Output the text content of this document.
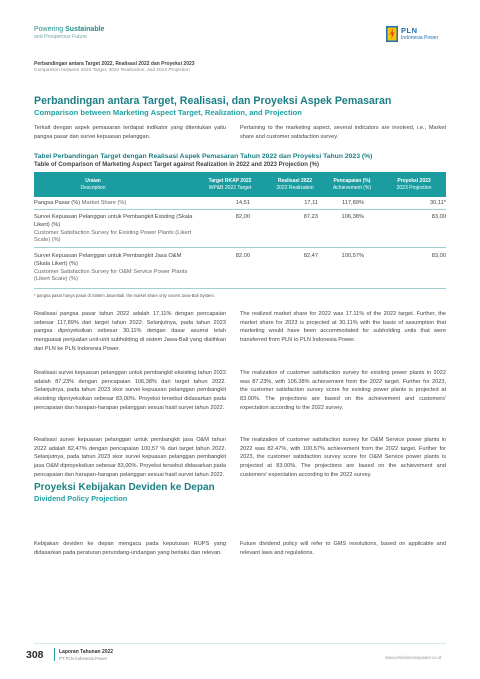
Powering Sustainable
and Prosperous Future
PLN
Indonesia Power
Perbandingan antara Target 2022, Realisasi 2022 dan Proyeksi 2023
Comparison between 2022 Target, 2022 Realization, and 2023 Projection
Perbandingan antara Target, Realisasi, dan Proyeksi Aspek Pemasaran
Comparison between Marketing Aspect Target, Realization, and Projection
Terkait dengan aspek pemasaran terdapat indikator yang ditentukan yaitu pangsa pasar dan survei kepuasan pelanggan.
Pertaining to the marketing aspect, several indicators are involved, i.e., Market share and customer satisfaction survey.
Tabel Perbandingan Target dengan Realisasi Aspek Pemasaran Tahun 2022 dan Proyeksi Tahun 2023 (%)
Table of Comparison of Marketing Aspect Target against Realization in 2022 and 2023 Projection (%)
Uraian
Description
Target RKAP 2022
WP&B 2022 Target
Realisasi 2022
2022 Realization
Pencapaian (%)
Achievement (%)
Proyeksi 2023
2023 Projection
Pangsa Pasar (%) Market Share (%)	14,51	17,11	117,89%	30,11*
Survei Kepuasan Pelanggan untuk Pembangkit Existing (Skala Likert) (%)
Customer Satisfaction Survey for Existing Power Plants (Likert Scale) (%)
82,00	87,23	106,38%	83,00
Survei Kepuasan Pelanggan untuk Pembangkit Jasa O&M (Skala Likert) (%)
Customer Satisfaction Survey for O&M Service Power Plants (Likert Scale) (%)
82,00	82,47	100,57%	83,00
* pangsa pasar hanya pasar di Sistem Jawa-Bali. the market share only covers Java-Bali System.
Realisasi pangsa pasar tahun 2022 adalah 17,11% dengan pencapaian sebesar 117,89% dari target tahun 2022. Selanjutnya, pada tahun 2023 pangsa diproyeksikan sebesar 30,11% dengan dasar asumsi telah menguasai penjualan unit-unit subholding di sistem Jawa-Bali yang dialihkan dari PLN ke PLN Indonesia Power.
The realized market share for 2022 was 17.11% of the 2022 target. Further, the market share for 2023 is projected at 30.11% with the basis of assumption that marketing would have been accommodated for subholding units that were transferred from PLN to PLN Indonesia Power.
Realisasi survei kepuasan pelanggan untuk pembangkit eksisting tahun 2022 adalah 87,23% dengan pencapaian 106,38% dari target tahun 2022. Selanjutnya, pada tahun 2023 skor survei kepuasan pelanggan pembangkit eksisting diproyeksikan sebesar 83,00%. Proyeksi tersebut didasarkan pada pencapaian dan harapan-harapan pelanggan sesuai hasil survei tahun 2022.
The realization of customer satisfaction survey for existing power plants in 2022 was 87.23%, with 106.38% achievement from the 2022 target. Further for 2023, the customer satisfaction survey score for existing power plants is projected at 83.00%. The projections are based on the achievement and customers' expectation according to the 2022 survey.
Realisasi survei kepuasan pelanggan untuk pembangkit jasa O&M tahun 2022 adalah 82,47% dengan pencapaian 100,57 % dari target tahun 2022. Selanjutnya, pada tahun 2023 skor survei kepuasan pelanggan pembangkit jasa O&M diproyeksikan sebesar 83,00%. Proyeksi tersebut didasarkan pada pencapaian dan harapan-harapan pelanggan sesuai hasil survei tahun 2022.
The realization of customer satisfaction survey for O&M Service power plants in 2022 was 82.47%, with 100.57% achievement from the 2022 target. Further for 2023, the customer satisfaction survey score for O&M Service power plants is projected at 83.00%. The projections are based on the achievement and customers' expectation according to the 2022 survey.
Proyeksi Kebijakan Deviden ke Depan
Dividend Policy Projection
Kebijakan deviden ke depan mengacu pada keputusan RUPS yang didasarkan pada peraturan perundang-undangan yang berlaku dan relevan.
Future dividend policy will refer to GMS resolutions, based on applicable and relevant laws and regulations.
308	Laporan Tahunan 2022
PT PLN Indonesia Power	www.plnindonesiapower.co.id
